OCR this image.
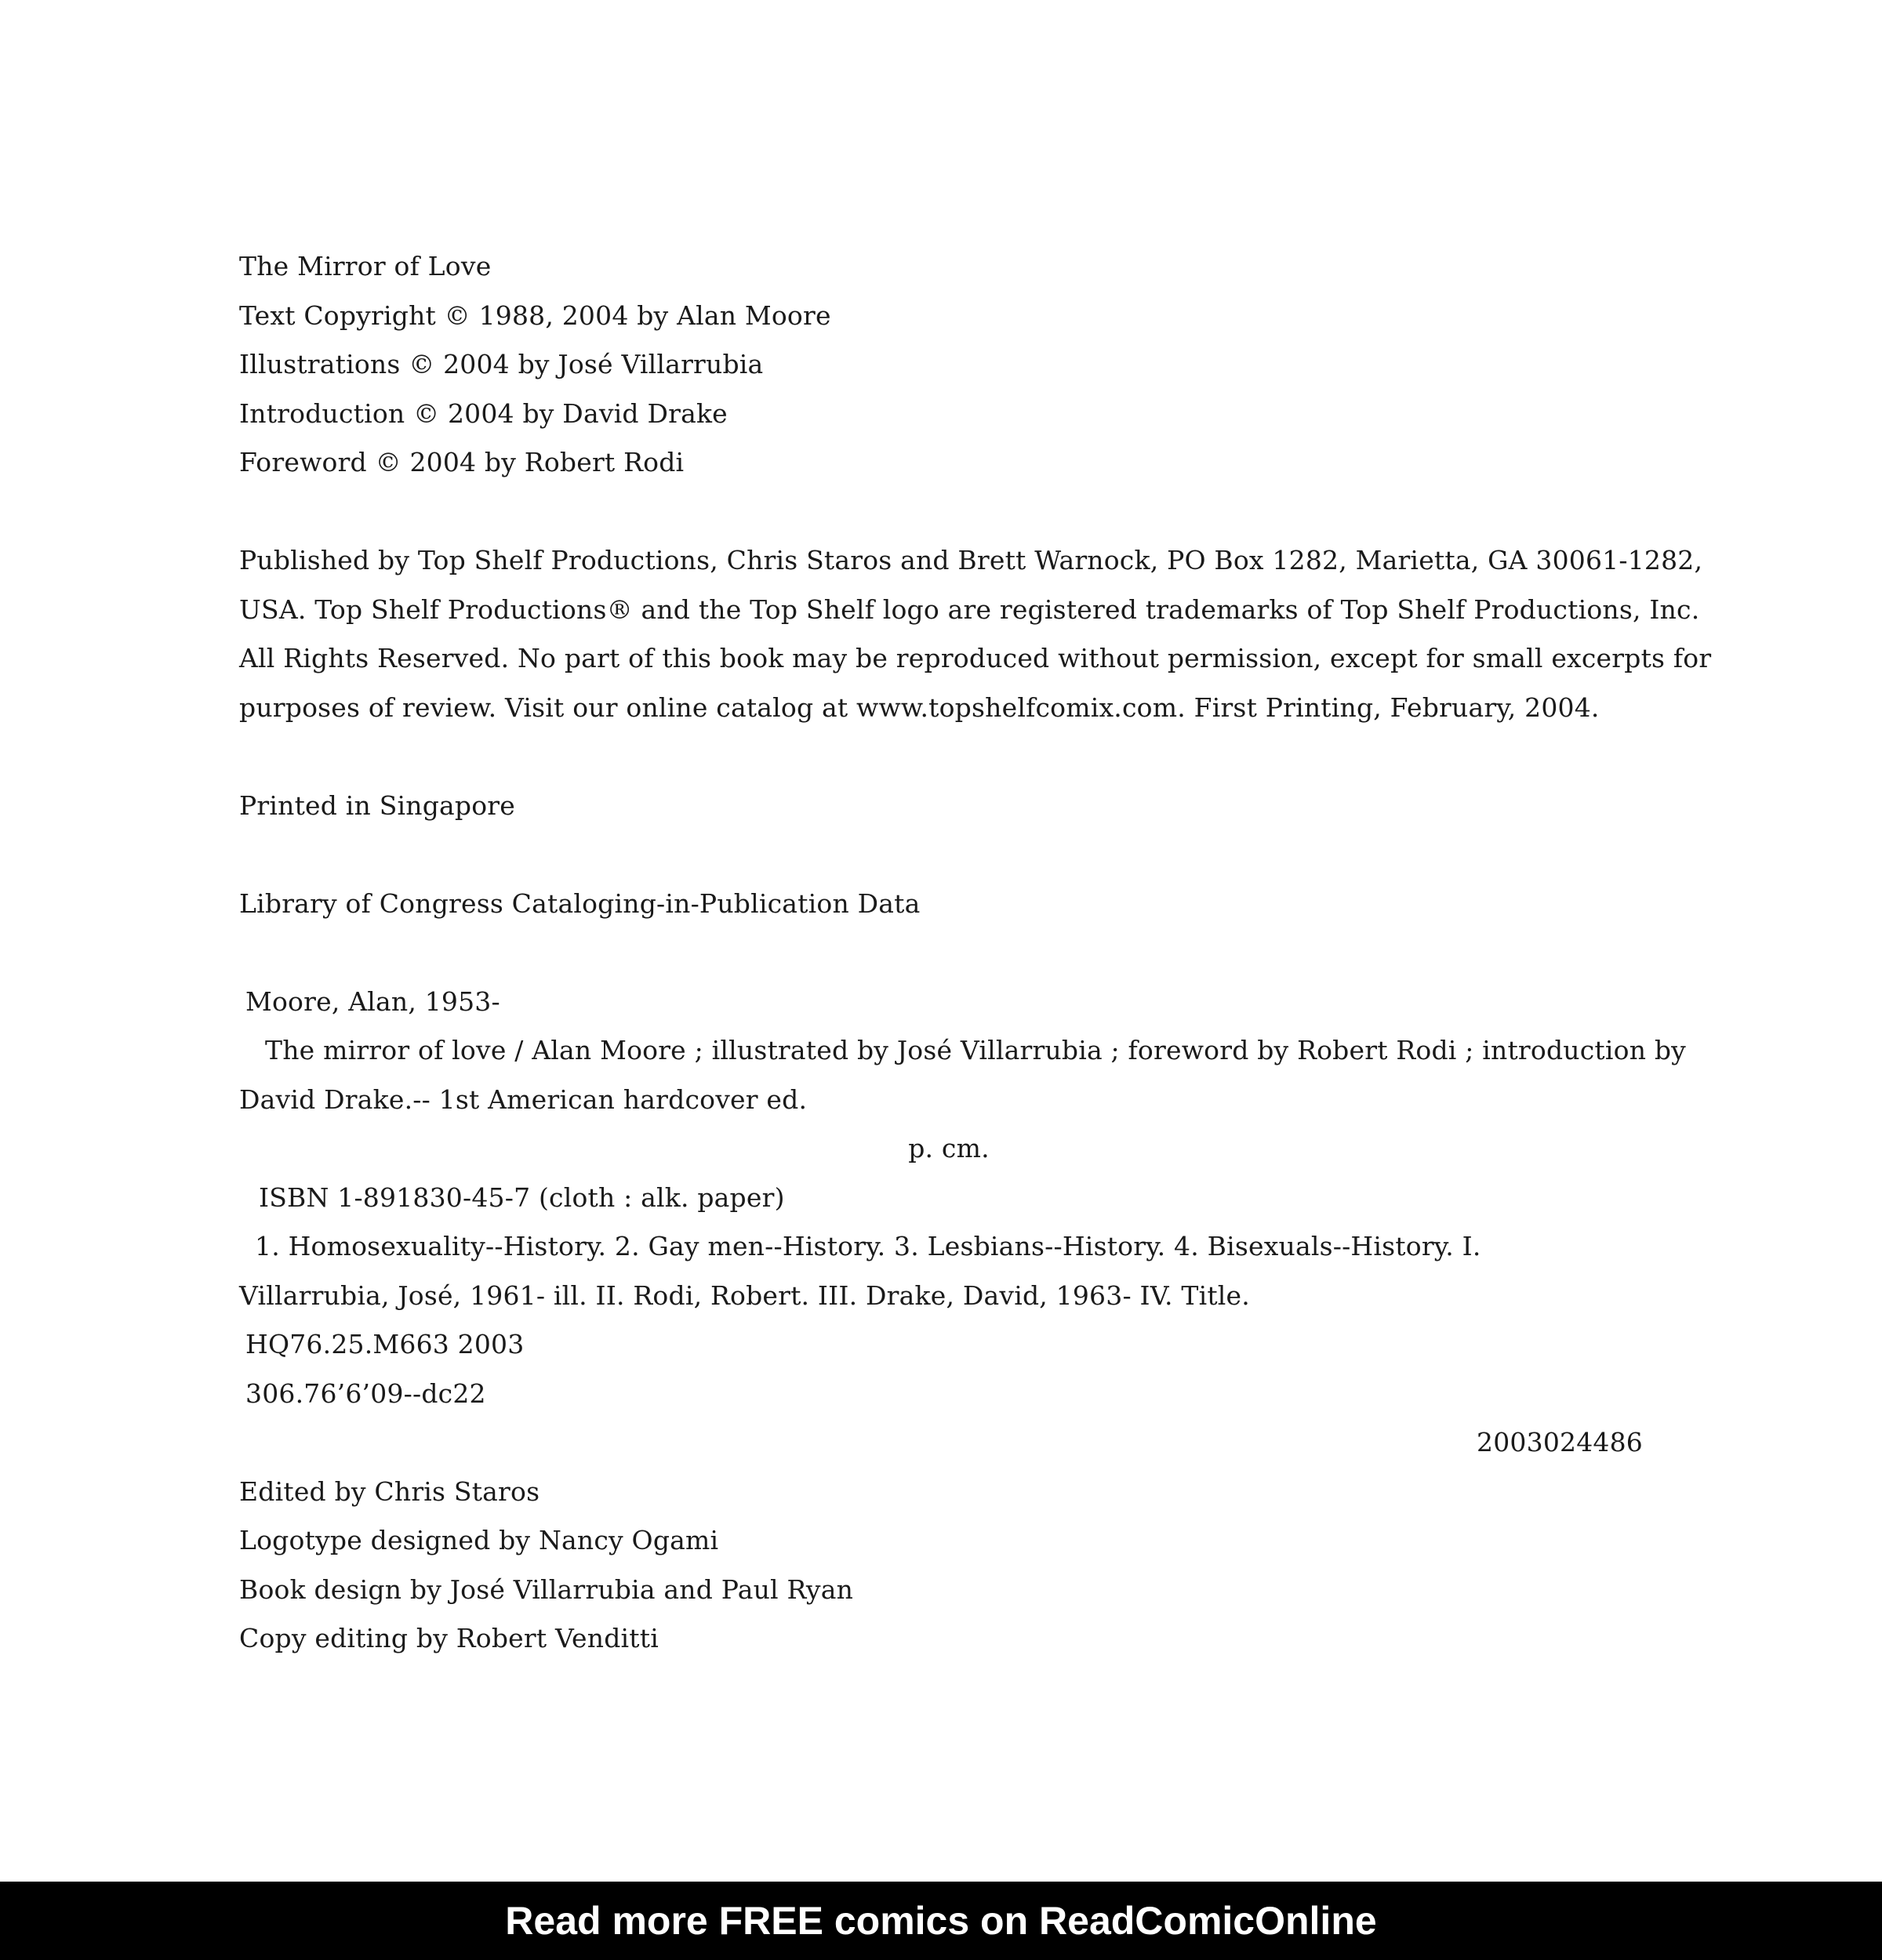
The Mirror of Love

Text Copyright © 1988, 2004 by Alan Moore

Illustrations © 2004 by José Villarrubia

Introduction © 2004 by David Drake

Foreword © 2004 by Robert Rodi

Published by Top Shelf Productions, Chris Staros and Brett Warnock, PO Box 1282, Marietta, GA 30061-1282,

USA. Top Shelf Productions® and the Top Shelf logo are registered trademarks of Top Shelf Productions, Inc.

All Rights Reserved. No part of this book may be reproduced without permission, except for small excerpts for

purposes of review. Visit our online catalog at www.topshelfcomix.com. First Printing, February, 2004.

Printed in Singapore

Library of Congress Cataloging-in-Publication Data

Moore, Alan, 1953-

The mirror of love / Alan Moore ; illustrated by José Villarrubia ; foreword by Robert Rodi ; introduction by

David Drake.-- 1st American hardcover ed.

p. cm.

ISBN 1-891830-45-7 (cloth : alk. paper)

1. Homosexuality--History. 2. Gay men--History. 3. Lesbians--History. 4. Bisexuals--History. I.

Villarrubia, José, 1961- ill. II. Rodi, Robert. III. Drake, David, 1963- IV. Title.

HQ76.25.M663 2003

306.76’6’09--dc22

2003024486

Edited by Chris Staros

Logotype designed by Nancy Ogami

Book design by José Villarrubia and Paul Ryan

Copy editing by Robert Venditti

Read more FREE comics on ReadComicOnline
